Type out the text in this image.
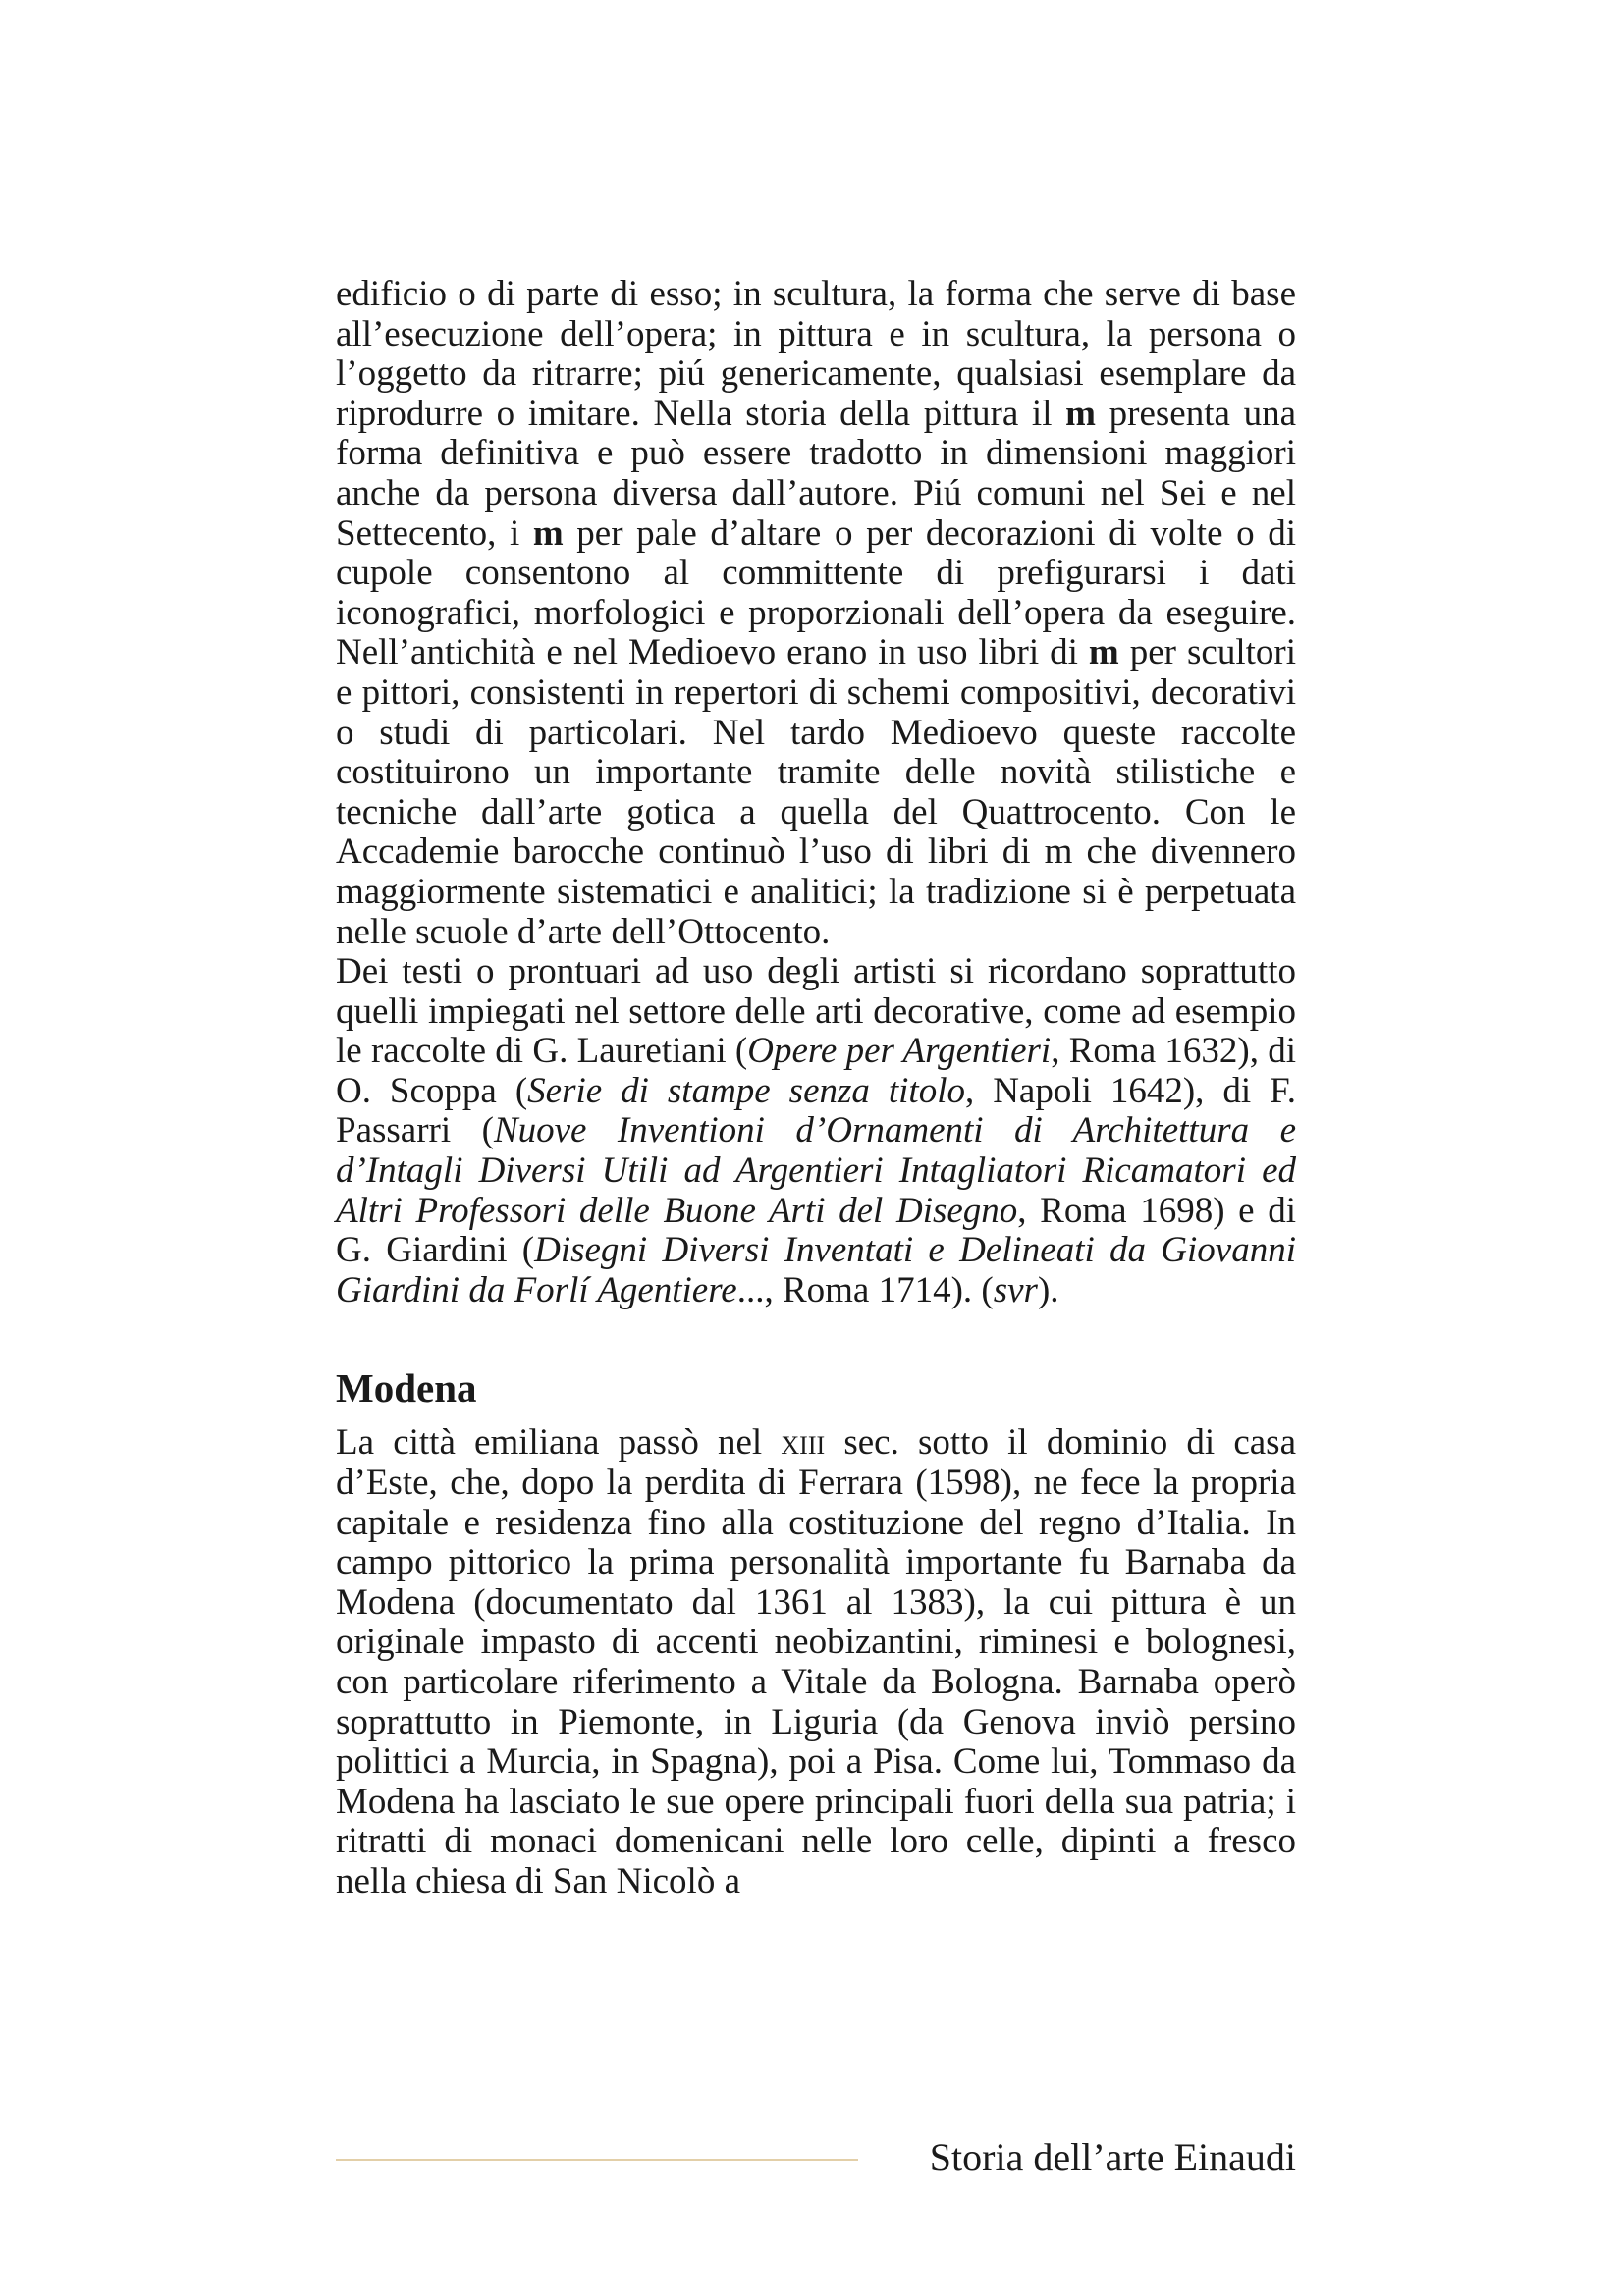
edificio o di parte di esso; in scultura, la forma che serve di base all’esecuzione dell’opera; in pittura e in scultura, la persona o l’oggetto da ritrarre; piú genericamente, qualsiasi esemplare da riprodurre o imitare. Nella storia della pittura il m presenta una forma definitiva e può essere tradotto in dimensioni maggiori anche da persona diversa dall’autore. Piú comuni nel Sei e nel Settecento, i m per pale d’altare o per decorazioni di volte o di cupole consentono al committente di prefigurarsi i dati iconografici, morfologici e proporzionali dell’opera da eseguire. Nell’antichità e nel Medioevo erano in uso libri di m per scultori e pittori, consistenti in repertori di schemi compositivi, decorativi o studi di particolari. Nel tardo Medioevo queste raccolte costituirono un importante tramite delle novità stilistiche e tecniche dall’arte gotica a quella del Quattrocento. Con le Accademie barocche continuò l’uso di libri di m che divennero maggiormente sistematici e analitici; la tradizione si è perpetuata nelle scuole d’arte dell’Ottocento.

Dei testi o prontuari ad uso degli artisti si ricordano soprattutto quelli impiegati nel settore delle arti decorative, come ad esempio le raccolte di G. Lauretiani (Opere per Argentieri, Roma 1632), di O. Scoppa (Serie di stampe senza titolo, Napoli 1642), di F. Passarri (Nuove Inventioni d’Ornamenti di Architettura e d’Intagli Diversi Utili ad Argentieri Intagliatori Ricamatori ed Altri Professori delle Buone Arti del Disegno, Roma 1698) e di G. Giardini (Disegni Diversi Inventati e Delineati da Giovanni Giardini da Forlí Agentiere..., Roma 1714). (svr).

Modena

La città emiliana passò nel xiii sec. sotto il dominio di casa d’Este, che, dopo la perdita di Ferrara (1598), ne fece la propria capitale e residenza fino alla costituzione del regno d’Italia. In campo pittorico la prima personalità importante fu Barnaba da Modena (documentato dal 1361 al 1383), la cui pittura è un originale impasto di accenti neobizantini, riminesi e bolognesi, con particolare riferimento a Vitale da Bologna. Barnaba operò soprattutto in Piemonte, in Liguria (da Genova inviò persino polittici a Murcia, in Spagna), poi a Pisa. Come lui, Tommaso da Modena ha lasciato le sue opere principali fuori della sua patria; i ritratti di monaci domenicani nelle loro celle, dipinti a fresco nella chiesa di San Nicolò a

Storia dell’arte Einaudi
